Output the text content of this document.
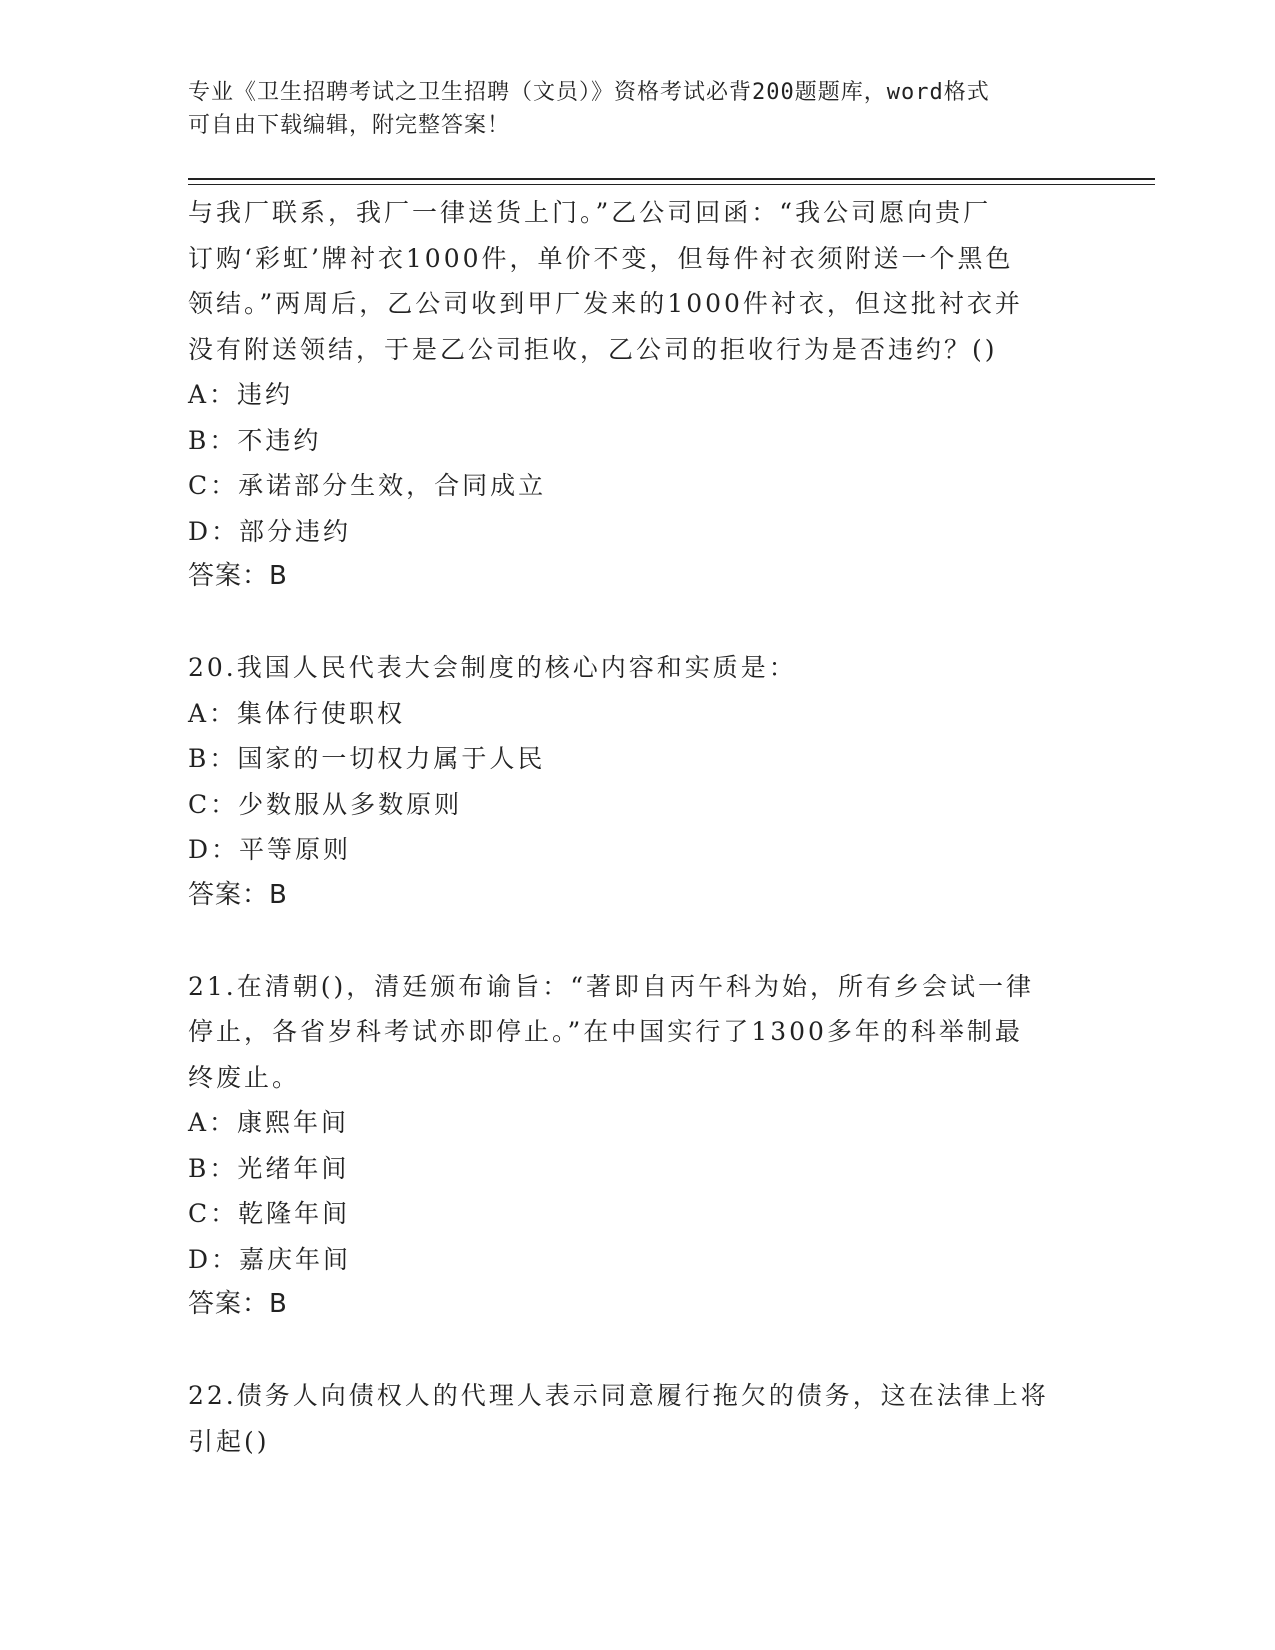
专业《卫生招聘考试之卫生招聘（文员）》资格考试必背200题题库，word格式
可自由下载编辑，附完整答案！
与我厂联系，我厂一律送货上门。”乙公司回函：“我公司愿向贵厂
订购‘彩虹’牌衬衣1000件，单价不变，但每件衬衣须附送一个黑色
领结。”两周后，乙公司收到甲厂发来的1000件衬衣，但这批衬衣并
没有附送领结，于是乙公司拒收，乙公司的拒收行为是否违约？()
A：违约
B：不违约
C：承诺部分生效，合同成立
D：部分违约
答案：B
20.我国人民代表大会制度的核心内容和实质是：
A：集体行使职权
B：国家的一切权力属于人民
C：少数服从多数原则
D：平等原则
答案：B
21.在清朝()，清廷颁布谕旨：“著即自丙午科为始，所有乡会试一律
停止，各省岁科考试亦即停止。”在中国实行了1300多年的科举制最
终废止。
A：康熙年间
B：光绪年间
C：乾隆年间
D：嘉庆年间
答案：B
22.债务人向债权人的代理人表示同意履行拖欠的债务，这在法律上将
引起()
